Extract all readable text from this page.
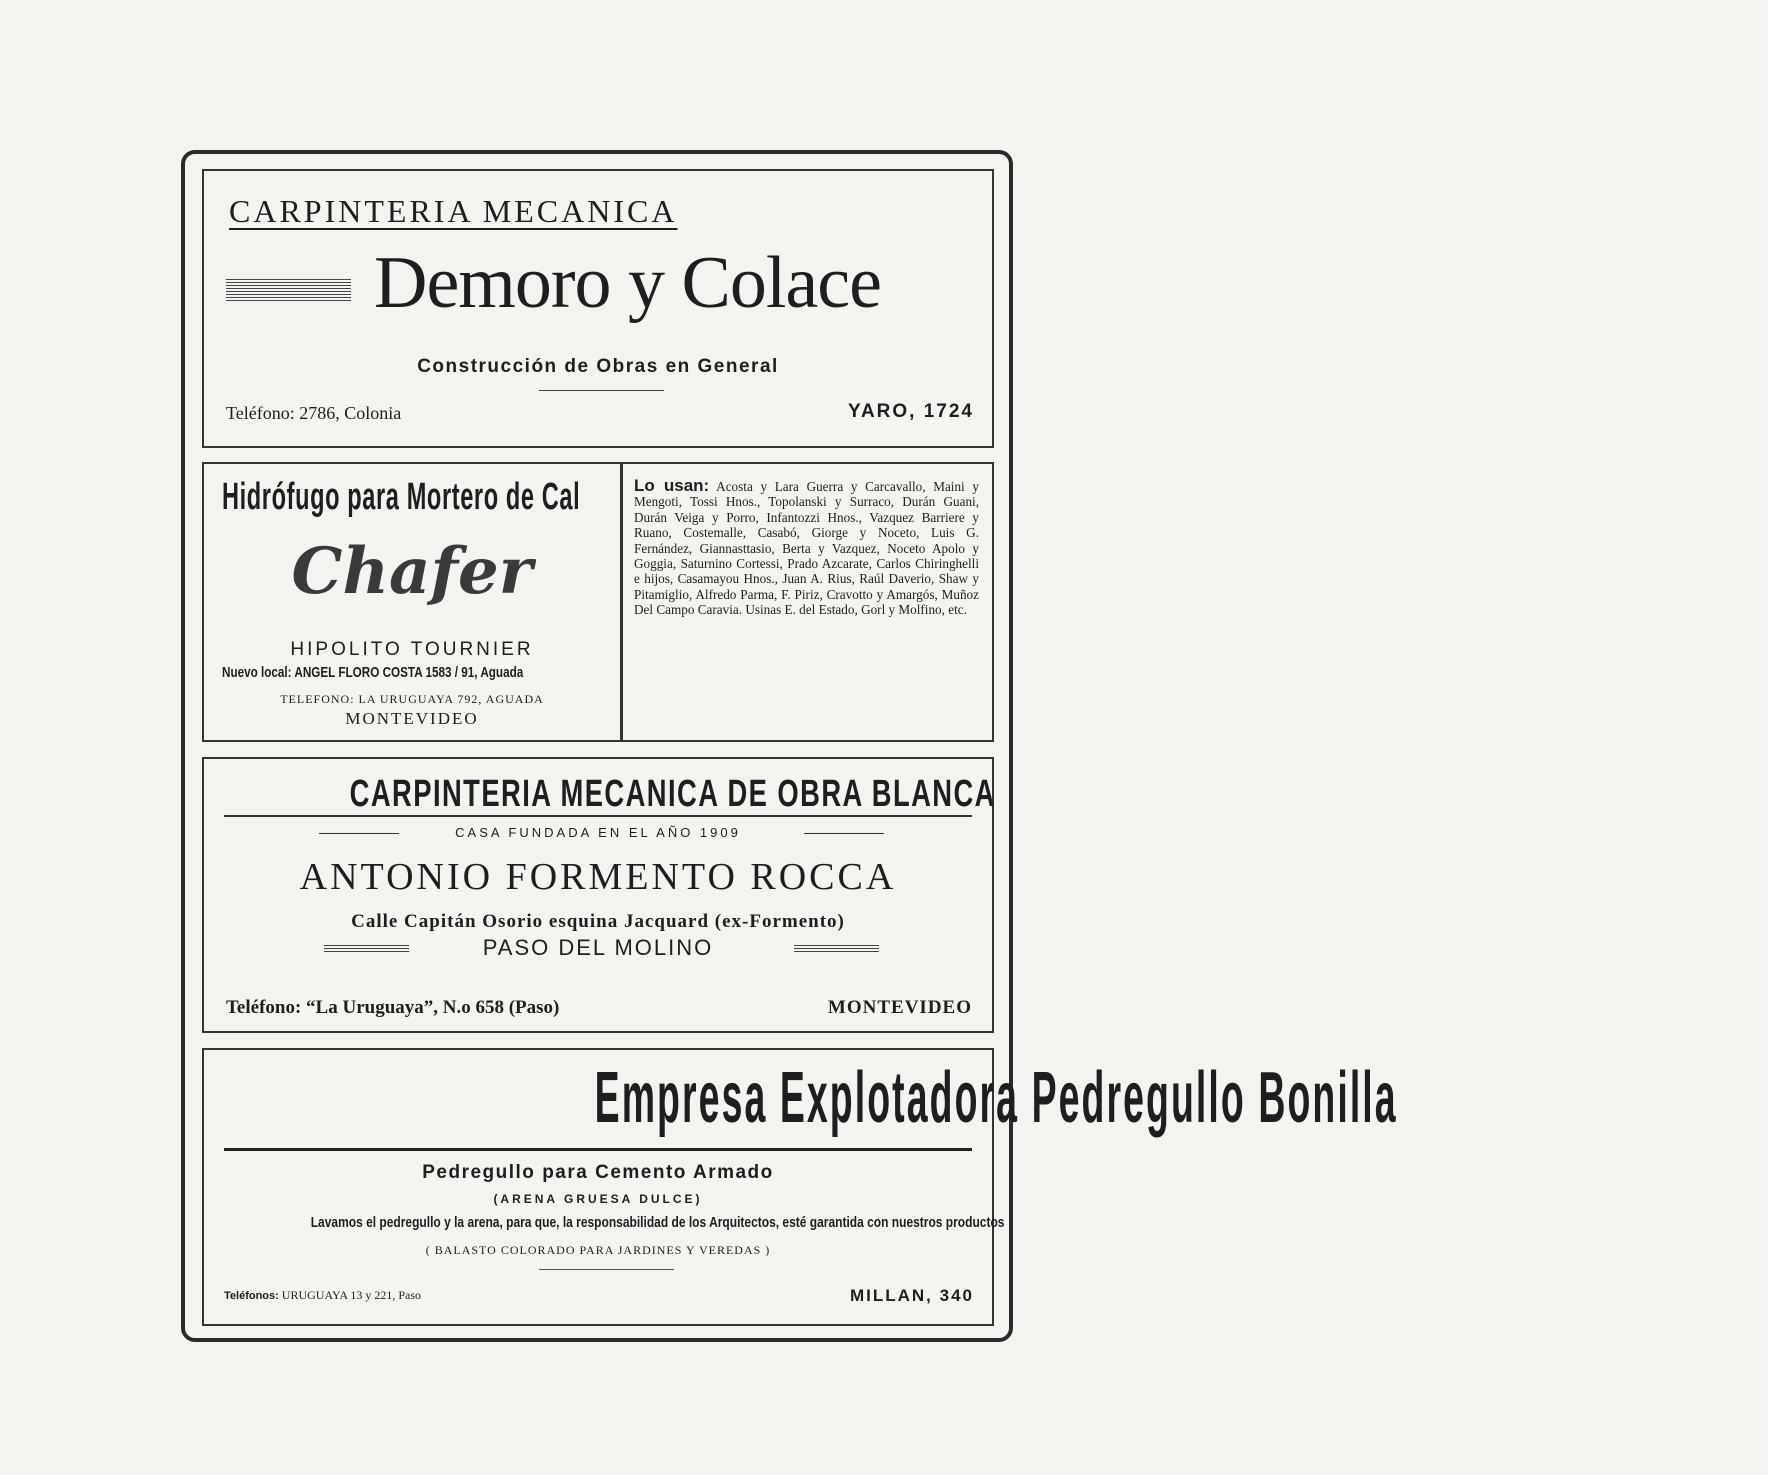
CARPINTERIA MECANICA
Demoro y Colace
Construcción de Obras en General
Teléfono: 2786, Colonia	YARO, 1724
Hidrófugo para Mortero de Cal
Chafer
HIPOLITO TOURNIER
Nuevo local: ANGEL FLORO COSTA 1583 / 91, Aguada
TELEFONO: LA URUGUAYA 792, AGUADA
MONTEVIDEO
Lo usan: Acosta y Lara Guerra y Carcavallo, Maini y Mengoti, Tossi Hnos., Topolanski y Surraco, Durán Guani, Durán Veiga y Porro, Infantozzi Hnos., Vazquez Barriere y Ruano, Costemalle, Casabó, Giorge y Noceto, Luis G. Fernández, Giannasttasio, Berta y Vazquez, Noceto Apolo y Goggia, Saturnino Cortessi, Prado Azcarate, Carlos Chiringhelli e hijos, Casamayou Hnos., Juan A. Rius, Raúl Daverio, Shaw y Pitamiglio, Alfredo Parma, F. Piriz, Cravotto y Amargós, Muñoz Del Campo Caravia. Usinas E. del Estado, Gorl y Molfino, etc.
CARPINTERIA MECANICA DE OBRA BLANCA
CASA FUNDADA EN EL AÑO 1909
ANTONIO FORMENTO ROCCA
Calle Capitán Osorio esquina Jacquard (ex-Formento)
PASO DEL MOLINO
Teléfono: “La Uruguaya”, N.o 658 (Paso)	MONTEVIDEO
Empresa Explotadora Pedregullo Bonilla
Pedregullo para Cemento Armado
(ARENA GRUESA DULCE)
Lavamos el pedregullo y la arena, para que, la responsabilidad de los Arquitectos, esté garantida con nuestros productos
( BALASTO COLORADO PARA JARDINES Y VEREDAS )
Teléfonos: URUGUAYA 13 y 221, Paso	MILLAN, 340
